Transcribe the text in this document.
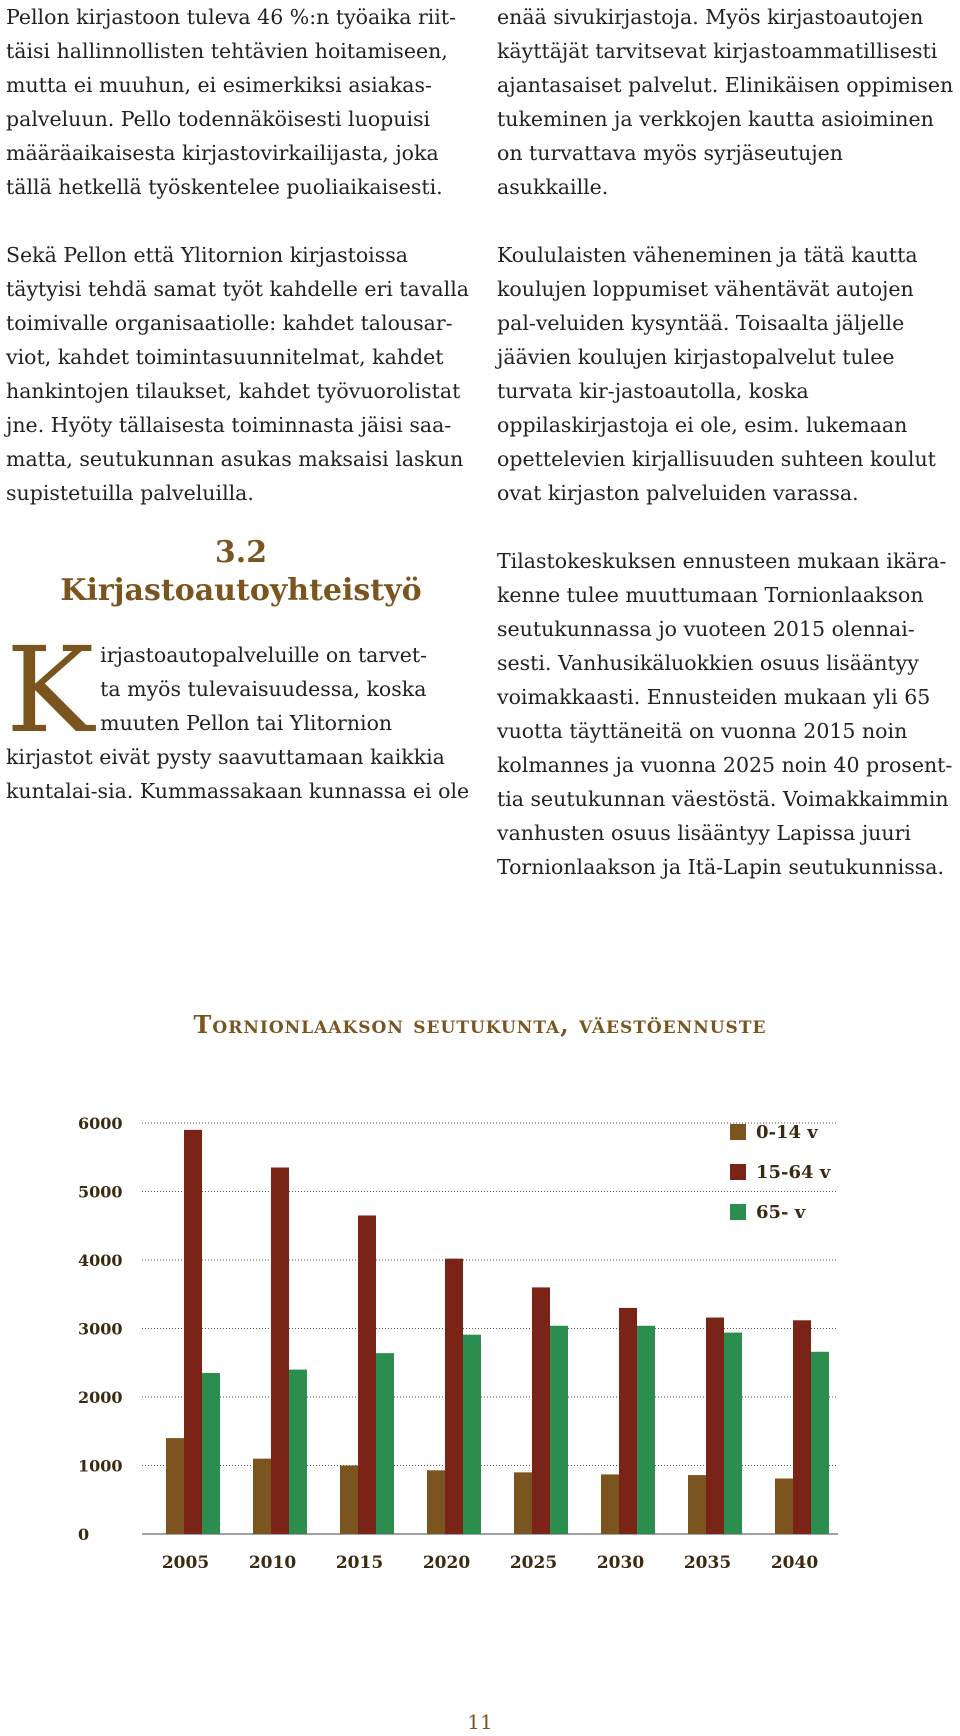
Pellon kirjastoon tuleva 46 %:n työaika riit-täisi hallinnollisten tehtävien hoitamiseen, mutta ei muuhun, ei esimerkiksi asiakas-palveluun. Pello todennäköisesti luopuisi määräaikaisesta kirjastovirkailijasta, joka tällä hetkellä työskentelee puoliaikaisesti.

Sekä Pellon että Ylitornion kirjastoissa täytyisi tehdä samat työt kahdelle eri tavalla toimivalle organisaatiolle: kahdet talousar-viot, kahdet toimintasuunnitelmat, kahdet hankintojen tilaukset, kahdet työvuorolistat jne. Hyöty tällaisesta toiminnasta jäisi saa-matta, seutukunnan asukas maksaisi laskun supistetuilla palveluilla.

3.2
Kirjastoautoyhteistyö
K irjastoautopalveluille on tarvet-
ta myös tulevaisuudessa, koska
muuten Pellon tai Ylitornion
kirjastot eivät pysty saavuttamaan kaikkia kuntalai-sia. Kummassakaan kunnassa ei ole

enää sivukirjastoja. Myös kirjastoautojen käyttäjät tarvitsevat kirjastoammatillisesti ajantasaiset palvelut. Elinikäisen oppimisen tukeminen ja verkkojen kautta asioiminen on turvattava myös syrjäseutujen asukkaille.

Koululaisten väheneminen ja tätä kautta koulujen loppumiset vähentävät autojen pal-veluiden kysyntää. Toisaalta jäljelle jäävien koulujen kirjastopalvelut tulee turvata kir-jastoautolla, koska oppilaskirjastoja ei ole, esim. lukemaan opettelevien kirjallisuuden suhteen koulut ovat kirjaston palveluiden varassa.

Tilastokeskuksen ennusteen mukaan ikära-kenne tulee muuttumaan Tornionlaakson seutukunnassa jo vuoteen 2015 olennai-sesti. Vanhusikäluokkien osuus lisääntyy voimakkaasti. Ennusteiden mukaan yli 65 vuotta täyttäneitä on vuonna 2015 noin kolmannes ja vuonna 2025 noin 40 prosent-tia seutukunnan väestöstä. Voimakkaimmin vanhusten osuus lisääntyy Lapissa juuri Tornionlaakson ja Itä-Lapin seutukunnissa.

Tornionlaakson seutukunta, väestöennuste
0
1000
2000
3000
4000
5000
6000
2005 2010 2015 2020 2025 2030 2035 2040
0-14 v
15-64 v
65- v
11
